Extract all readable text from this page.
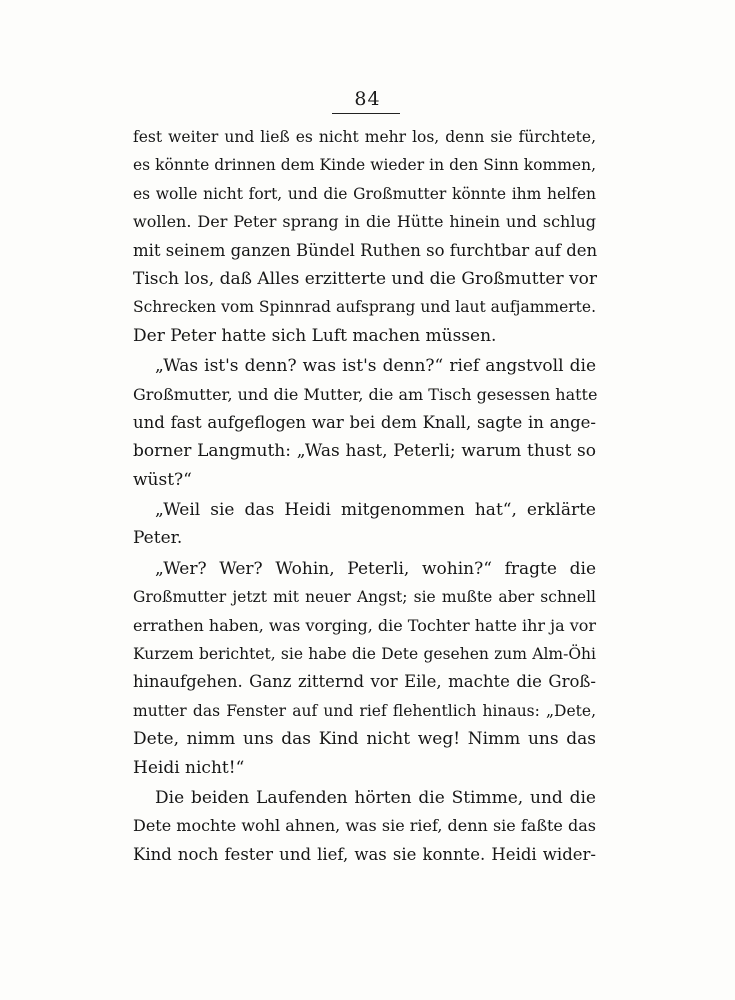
84
fest weiter und ließ es nicht mehr los, denn sie fürchtete,
es könnte drinnen dem Kinde wieder in den Sinn kommen,
es wolle nicht fort, und die Großmutter könnte ihm helfen
wollen. Der Peter sprang in die Hütte hinein und schlug
mit seinem ganzen Bündel Ruthen so furchtbar auf den
Tisch los, daß Alles erzitterte und die Großmutter vor
Schrecken vom Spinnrad aufsprang und laut aufjammerte.
Der Peter hatte sich Luft machen müssen.
„Was ist's denn? was ist's denn?“ rief angstvoll die
Großmutter, und die Mutter, die am Tisch gesessen hatte
und fast aufgeflogen war bei dem Knall, sagte in ange-
borner Langmuth: „Was hast, Peterli; warum thust so
wüst?“
„Weil sie das Heidi mitgenommen hat“, erklärte
Peter.
„Wer? Wer? Wohin, Peterli, wohin?“ fragte die
Großmutter jetzt mit neuer Angst; sie mußte aber schnell
errathen haben, was vorging, die Tochter hatte ihr ja vor
Kurzem berichtet, sie habe die Dete gesehen zum Alm-Öhi
hinaufgehen. Ganz zitternd vor Eile, machte die Groß-
mutter das Fenster auf und rief flehentlich hinaus: „Dete,
Dete, nimm uns das Kind nicht weg! Nimm uns das
Heidi nicht!“
Die beiden Laufenden hörten die Stimme, und die
Dete mochte wohl ahnen, was sie rief, denn sie faßte das
Kind noch fester und lief, was sie konnte. Heidi wider-
